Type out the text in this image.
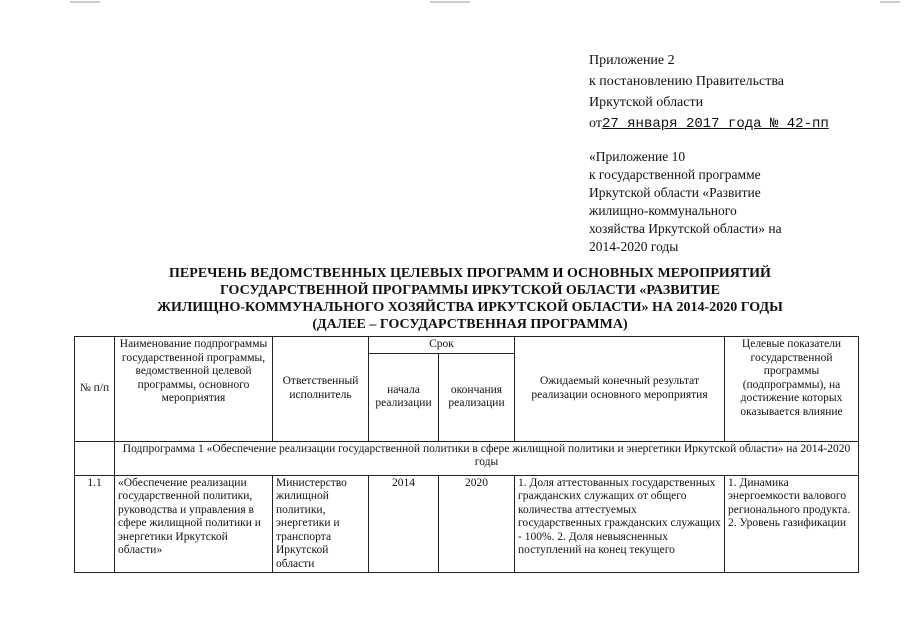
Приложение 2
к постановлению Правительства
Иркутской области
от27 января 2017 года № 42-пп
«Приложение 10
к государственной программе
Иркутской области «Развитие
жилищно-коммунального
хозяйства Иркутской области» на
2014-2020 годы
ПЕРЕЧЕНЬ ВЕДОМСТВЕННЫХ ЦЕЛЕВЫХ ПРОГРАММ И ОСНОВНЫХ МЕРОПРИЯТИЙ
ГОСУДАРСТВЕННОЙ ПРОГРАММЫ ИРКУТСКОЙ ОБЛАСТИ «РАЗВИТИЕ
ЖИЛИЩНО-КОММУНАЛЬНОГО ХОЗЯЙСТВА ИРКУТСКОЙ ОБЛАСТИ» НА 2014-2020 ГОДЫ
(ДАЛЕЕ – ГОСУДАРСТВЕННАЯ ПРОГРАММА)
№ п/п	Наименование подпрограммы государственной программы, ведомственной целевой программы, основного мероприятия	Ответственный исполнитель	Срок		Ожидаемый конечный результат реализации основного мероприятия	Целевые показатели государственной программы (подпрограммы), на достижение которых оказывается влияние
			начала реализации	окончания реализации		
	Подпрограмма 1 «Обеспечение реализации государственной политики в сфере жилищной политики и энергетики Иркутской области» на 2014-2020 годы					
1.1	«Обеспечение реализации государственной политики, руководства и управления в сфере жилищной политики и энергетики Иркутской области»	Министерство жилищной политики, энергетики и транспорта Иркутской области	2014	2020	1. Доля аттестованных государственных гражданских служащих от общего количества аттестуемых государственных гражданских служащих - 100%. 2. Доля невыясненных поступлений на конец текущего	1. Динамика энергоемкости валового регионального продукта. 2. Уровень газификации
